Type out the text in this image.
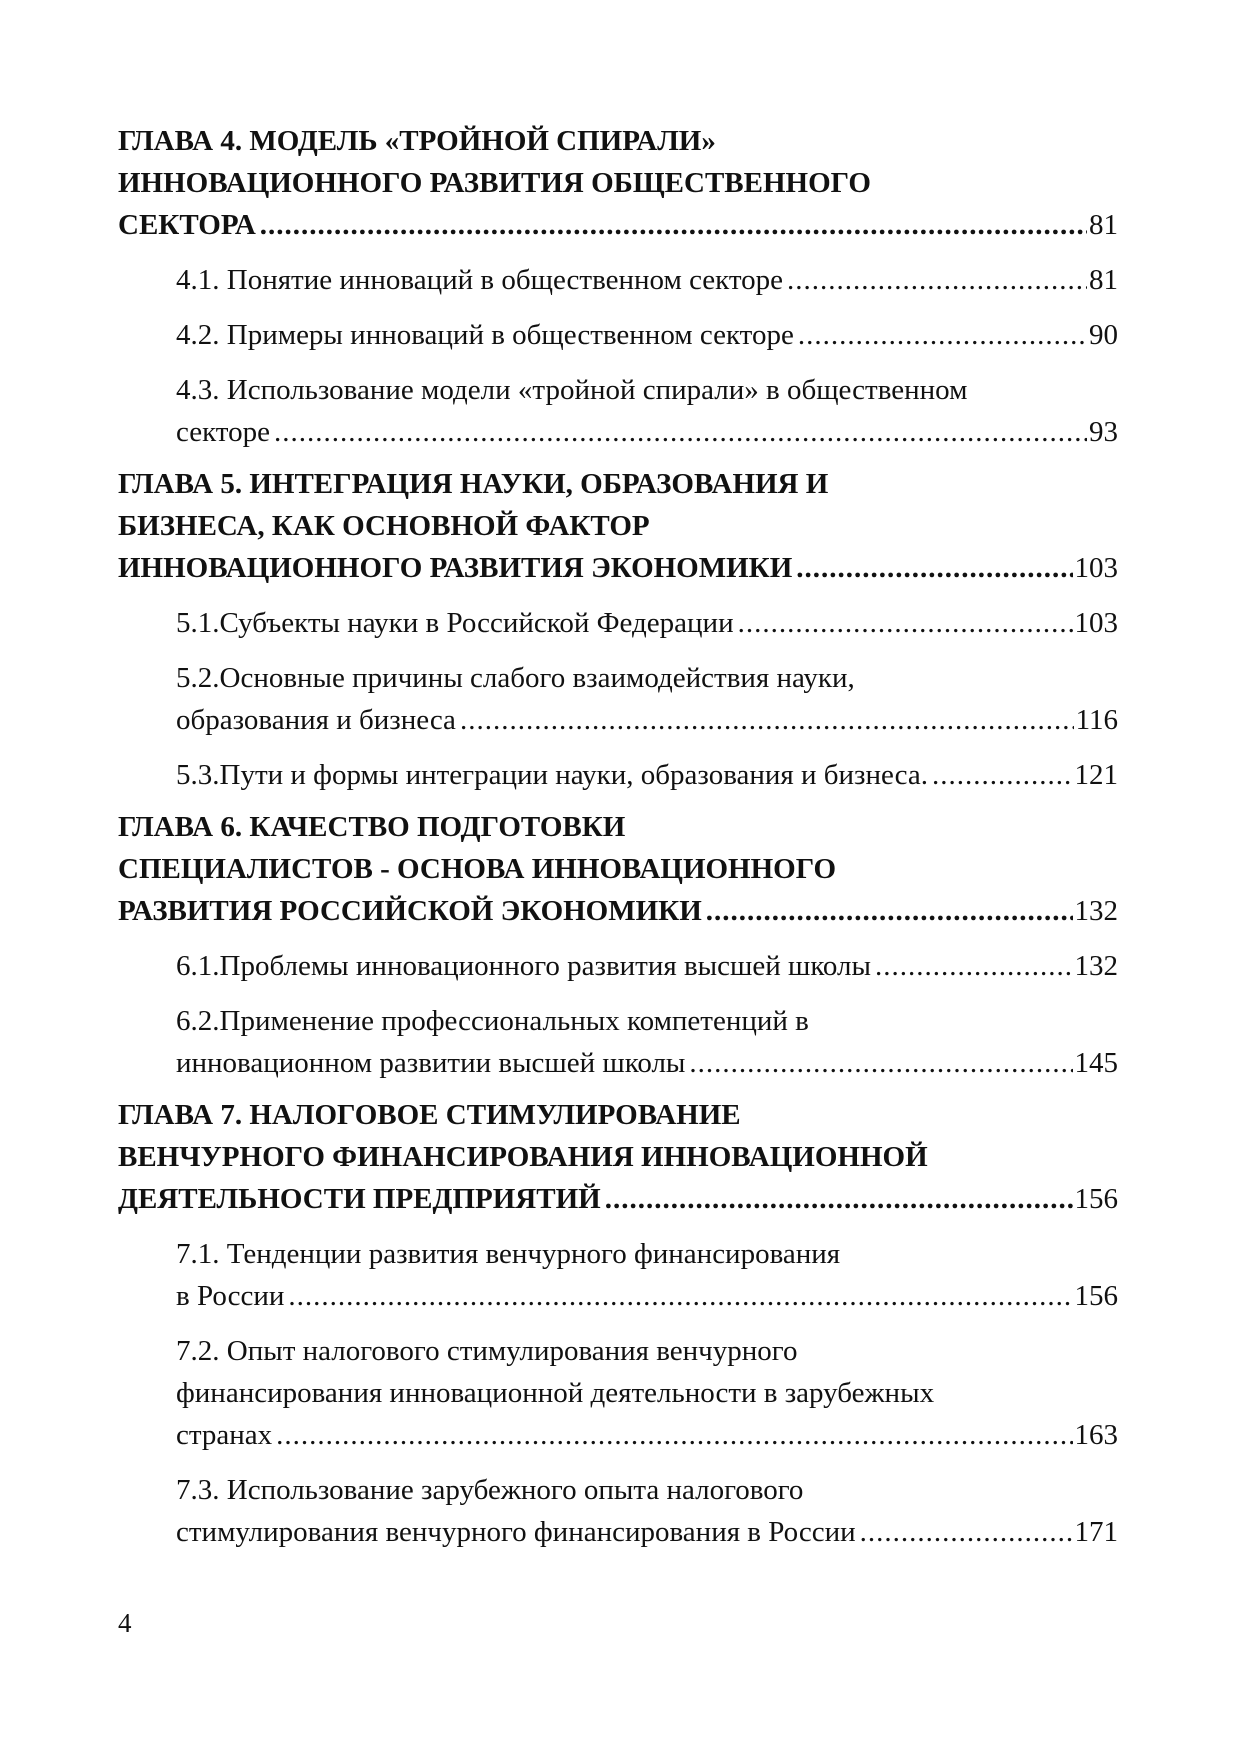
ГЛАВА 4. МОДЕЛЬ «ТРОЙНОЙ СПИРАЛИ»
ИННОВАЦИОННОГО РАЗВИТИЯ ОБЩЕСТВЕННОГО
СЕКТОРА .....	81
4.1. Понятие инноваций в общественном секторе .....	81
4.2. Примеры инноваций в общественном секторе .....	90
4.3. Использование модели «тройной спирали» в общественном
секторе .....	93
ГЛАВА 5. ИНТЕГРАЦИЯ НАУКИ, ОБРАЗОВАНИЯ И
БИЗНЕСА, КАК ОСНОВНОЙ ФАКТОР
ИННОВАЦИОННОГО РАЗВИТИЯ ЭКОНОМИКИ .....	103
5.1.Субъекты науки в Российской Федерации .....	103
5.2.Основные причины слабого взаимодействия науки,
образования и бизнеса .....	116
5.3.Пути и формы интеграции науки, образования и бизнеса. .....	121
ГЛАВА 6. КАЧЕСТВО ПОДГОТОВКИ
СПЕЦИАЛИСТОВ - ОСНОВА ИННОВАЦИОННОГО
РАЗВИТИЯ РОССИЙСКОЙ ЭКОНОМИКИ .....	132
6.1.Проблемы инновационного развития высшей школы .....	132
6.2.Применение профессиональных компетенций в
инновационном развитии высшей школы .....	145
ГЛАВА 7. НАЛОГОВОЕ СТИМУЛИРОВАНИЕ
ВЕНЧУРНОГО ФИНАНСИРОВАНИЯ ИННОВАЦИОННОЙ
ДЕЯТЕЛЬНОСТИ ПРЕДПРИЯТИЙ .....	156
7.1. Тенденции развития венчурного финансирования
в России .....	156
7.2. Опыт налогового стимулирования венчурного
финансирования инновационной деятельности в зарубежных
странах .....	163
7.3. Использование зарубежного опыта налогового
стимулирования венчурного финансирования в России .....	171
4
